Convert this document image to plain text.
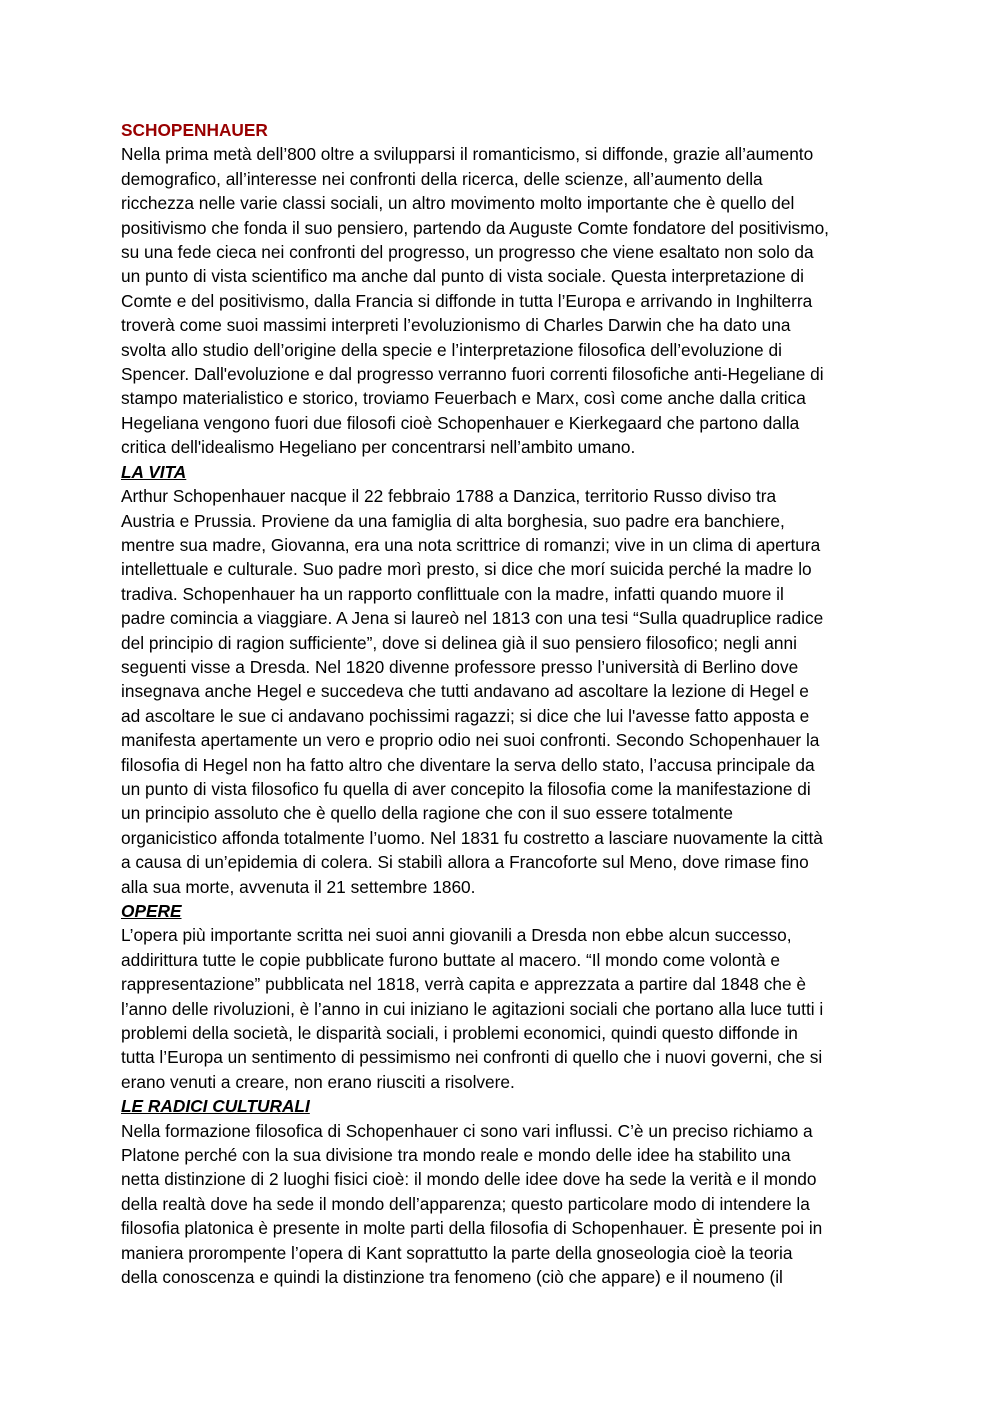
SCHOPENHAUER
Nella prima metà dell’800 oltre a svilupparsi il romanticismo, si diffonde, grazie all’aumento
demografico, all’interesse nei confronti della ricerca, delle scienze, all’aumento della
ricchezza nelle varie classi sociali, un altro movimento molto importante che è quello del
positivismo che fonda il suo pensiero, partendo da Auguste Comte fondatore del positivismo,
su una fede cieca nei confronti del progresso, un progresso che viene esaltato non solo da
un punto di vista scientifico ma anche dal punto di vista sociale. Questa interpretazione di
Comte e del positivismo, dalla Francia si diffonde in tutta l’Europa e arrivando in Inghilterra
troverà come suoi massimi interpreti l’evoluzionismo di Charles Darwin che ha dato una
svolta allo studio dell’origine della specie e l’interpretazione filosofica dell’evoluzione di
Spencer. Dall'evoluzione e dal progresso verranno fuori correnti filosofiche anti-Hegeliane di
stampo materialistico e storico, troviamo Feuerbach e Marx, così come anche dalla critica
Hegeliana vengono fuori due filosofi cioè Schopenhauer e Kierkegaard che partono dalla
critica dell'idealismo Hegeliano per concentrarsi nell’ambito umano.
LA VITA
Arthur Schopenhauer nacque il 22 febbraio 1788 a Danzica, territorio Russo diviso tra
Austria e Prussia. Proviene da una famiglia di alta borghesia, suo padre era banchiere,
mentre sua madre, Giovanna, era una nota scrittrice di romanzi; vive in un clima di apertura
intellettuale e culturale. Suo padre morì presto, si dice che morí suicida perché la madre lo
tradiva. Schopenhauer ha un rapporto conflittuale con la madre, infatti quando muore il
padre comincia a viaggiare. A Jena si laureò nel 1813 con una tesi “Sulla quadruplice radice
del principio di ragion sufficiente”, dove si delinea già il suo pensiero filosofico; negli anni
seguenti visse a Dresda. Nel 1820 divenne professore presso l’università di Berlino dove
insegnava anche Hegel e succedeva che tutti andavano ad ascoltare la lezione di Hegel e
ad ascoltare le sue ci andavano pochissimi ragazzi; si dice che lui l'avesse fatto apposta e
manifesta apertamente un vero e proprio odio nei suoi confronti. Secondo Schopenhauer la
filosofia di Hegel non ha fatto altro che diventare la serva dello stato, l’accusa principale da
un punto di vista filosofico fu quella di aver concepito la filosofia come la manifestazione di
un principio assoluto che è quello della ragione che con il suo essere totalmente
organicistico affonda totalmente l’uomo. Nel 1831 fu costretto a lasciare nuovamente la città
a causa di un’epidemia di colera. Si stabilì allora a Francoforte sul Meno, dove rimase fino
alla sua morte, avvenuta il 21 settembre 1860.
OPERE
L’opera più importante scritta nei suoi anni giovanili a Dresda non ebbe alcun successo,
addirittura tutte le copie pubblicate furono buttate al macero. “Il mondo come volontà e
rappresentazione” pubblicata nel 1818, verrà capita e apprezzata a partire dal 1848 che è
l’anno delle rivoluzioni, è l’anno in cui iniziano le agitazioni sociali che portano alla luce tutti i
problemi della società, le disparità sociali, i problemi economici, quindi questo diffonde in
tutta l’Europa un sentimento di pessimismo nei confronti di quello che i nuovi governi, che si
erano venuti a creare, non erano riusciti a risolvere.
LE RADICI CULTURALI
Nella formazione filosofica di Schopenhauer ci sono vari influssi. C’è un preciso richiamo a
Platone perché con la sua divisione tra mondo reale e mondo delle idee ha stabilito una
netta distinzione di 2 luoghi fisici cioè: il mondo delle idee dove ha sede la verità e il mondo
della realtà dove ha sede il mondo dell’apparenza; questo particolare modo di intendere la
filosofia platonica è presente in molte parti della filosofia di Schopenhauer. È presente poi in
maniera prorompente l’opera di Kant soprattutto la parte della gnoseologia cioè la teoria
della conoscenza e quindi la distinzione tra fenomeno (ciò che appare) e il noumeno (il
